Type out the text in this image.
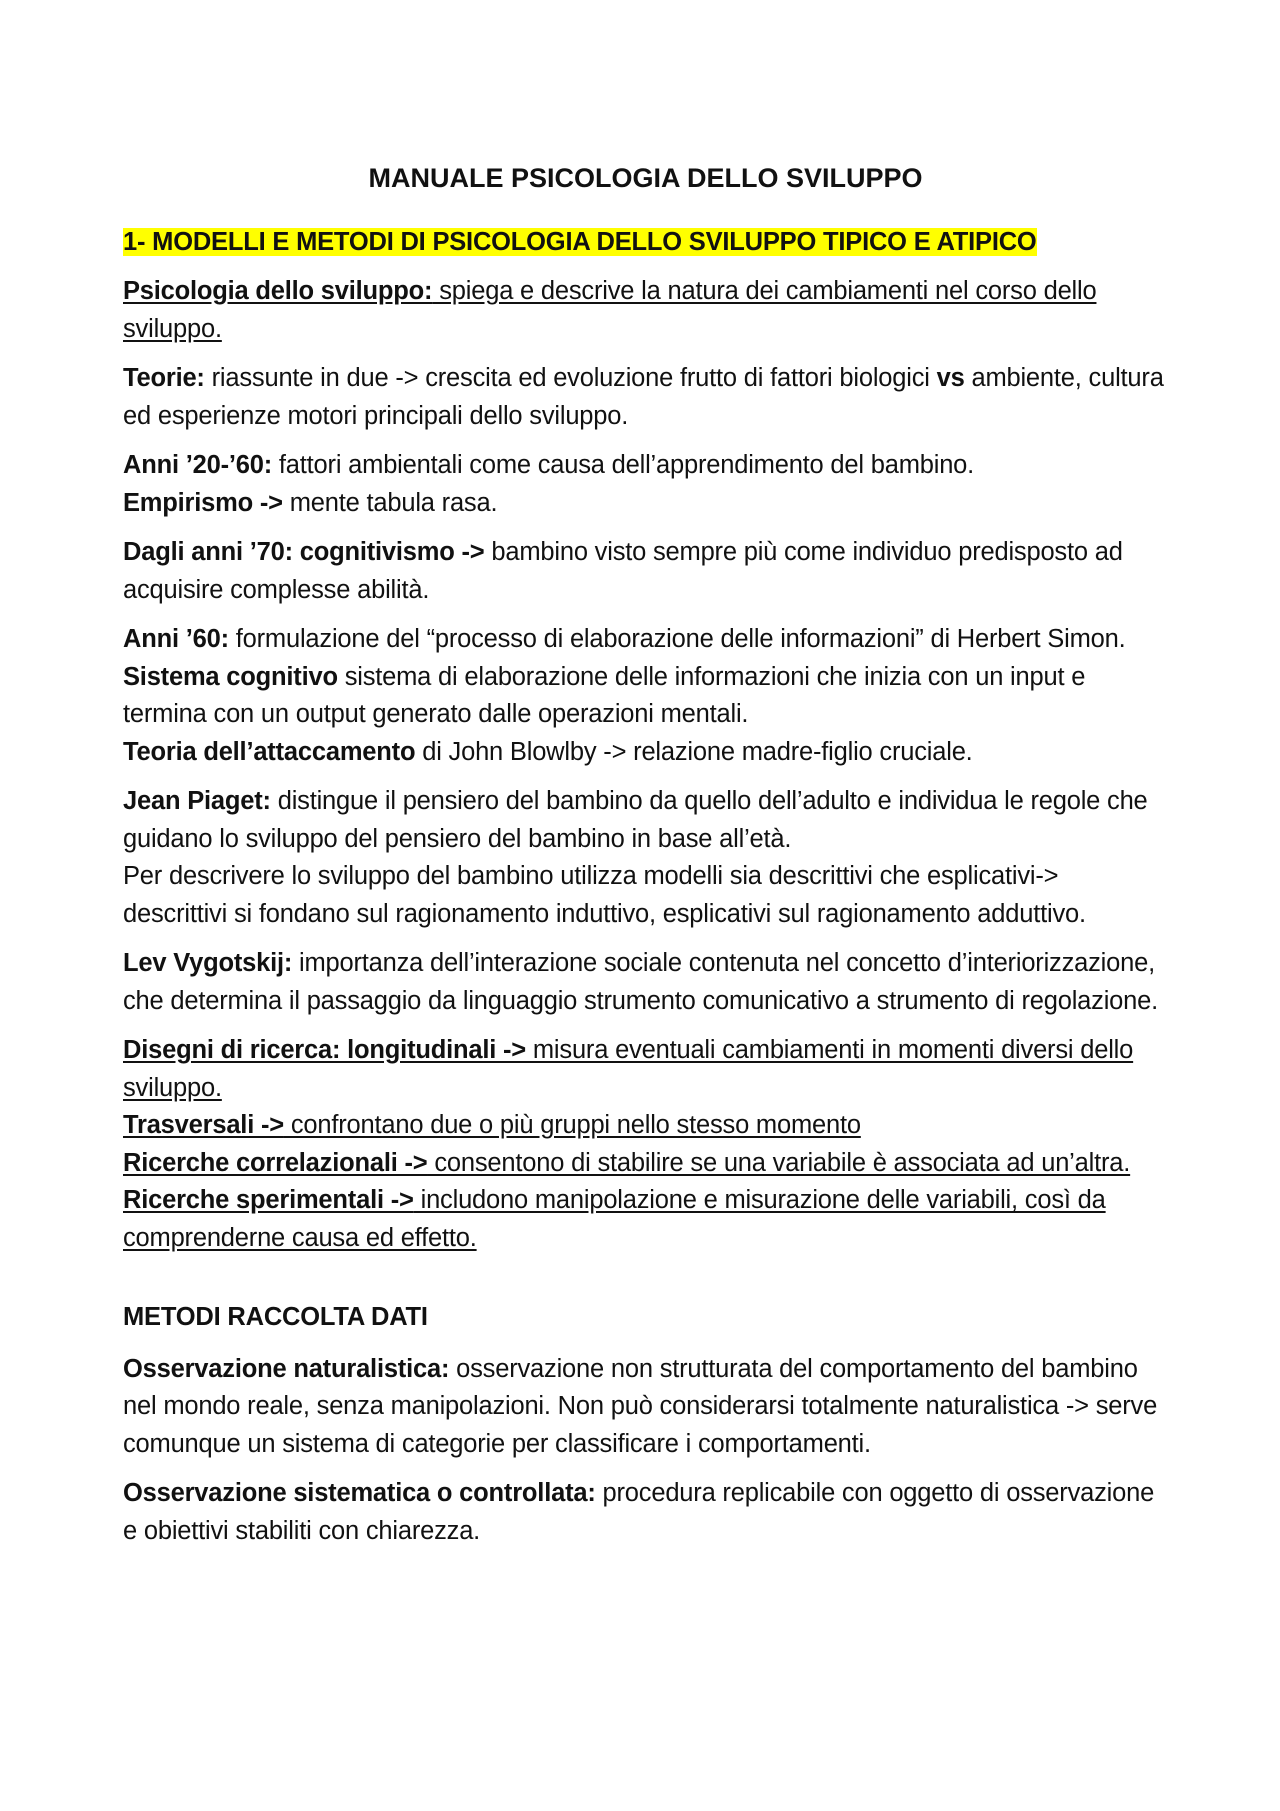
MANUALE PSICOLOGIA DELLO SVILUPPO
1- MODELLI E METODI DI PSICOLOGIA DELLO SVILUPPO TIPICO E ATIPICO

Psicologia dello sviluppo: spiega e descrive la natura dei cambiamenti nel corso dello sviluppo.

Teorie: riassunte in due -> crescita ed evoluzione frutto di fattori biologici vs ambiente, cultura ed esperienze motori principali dello sviluppo.

Anni ’20-’60: fattori ambientali come causa dell’apprendimento del bambino.
Empirismo -> mente tabula rasa.

Dagli anni ’70: cognitivismo -> bambino visto sempre più come individuo predisposto ad acquisire complesse abilità.

Anni ’60: formulazione del “processo di elaborazione delle informazioni” di Herbert Simon. Sistema cognitivo sistema di elaborazione delle informazioni che inizia con un input e termina con un output generato dalle operazioni mentali.
Teoria dell’attaccamento di John Blowlby -> relazione madre-figlio cruciale.

Jean Piaget: distingue il pensiero del bambino da quello dell’adulto e individua le regole che guidano lo sviluppo del pensiero del bambino in base all’età.
Per descrivere lo sviluppo del bambino utilizza modelli sia descrittivi che esplicativi-> descrittivi si fondano sul ragionamento induttivo, esplicativi sul ragionamento adduttivo.

Lev Vygotskij: importanza dell’interazione sociale contenuta nel concetto d’interiorizzazione, che determina il passaggio da linguaggio strumento comunicativo a strumento di regolazione.

Disegni di ricerca: longitudinali -> misura eventuali cambiamenti in momenti diversi dello sviluppo.
Trasversali -> confrontano due o più gruppi nello stesso momento
Ricerche correlazionali -> consentono di stabilire se una variabile è associata ad un’altra.
Ricerche sperimentali -> includono manipolazione e misurazione delle variabili, così da comprenderne causa ed effetto.

METODI RACCOLTA DATI

Osservazione naturalistica: osservazione non strutturata del comportamento del bambino nel mondo reale, senza manipolazioni. Non può considerarsi totalmente naturalistica -> serve comunque un sistema di categorie per classificare i comportamenti.

Osservazione sistematica o controllata: procedura replicabile con oggetto di osservazione e obiettivi stabiliti con chiarezza.
